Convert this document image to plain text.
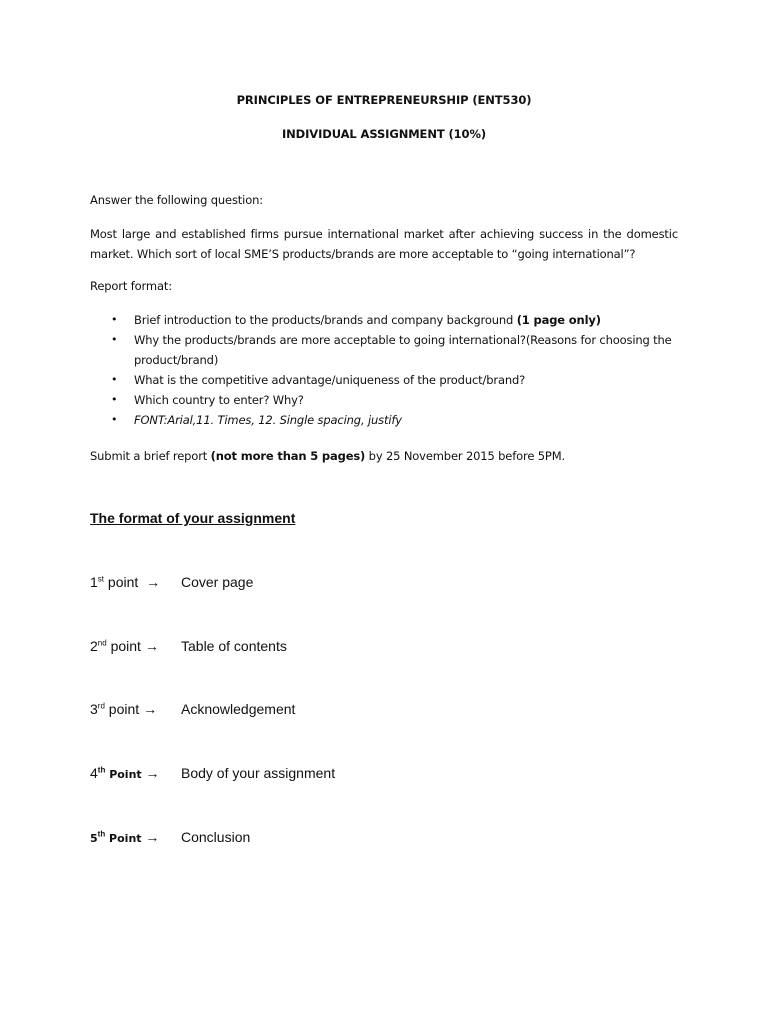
PRINCIPLES OF ENTREPRENEURSHIP (ENT530)
INDIVIDUAL ASSIGNMENT (10%)
Answer the following question:
Most large and established firms pursue international market after achieving success in the domestic market. Which sort of local SME’S products/brands are more acceptable to “going international”?
Report format:
• Brief introduction to the products/brands and company background (1 page only)
• Why the products/brands are more acceptable to going international?(Reasons for choosing the product/brand)
• What is the competitive advantage/uniqueness of the product/brand?
• Which country to enter? Why?
• FONT:Arial,11. Times, 12. Single spacing, justify
Submit a brief report (not more than 5 pages) by 25 November 2015 before 5PM.
The format of your assignment
1st point  → Cover page
2nd point → Table of contents
3rd point → Acknowledgement
4th Point → Body of your assignment
5th Point → Conclusion
